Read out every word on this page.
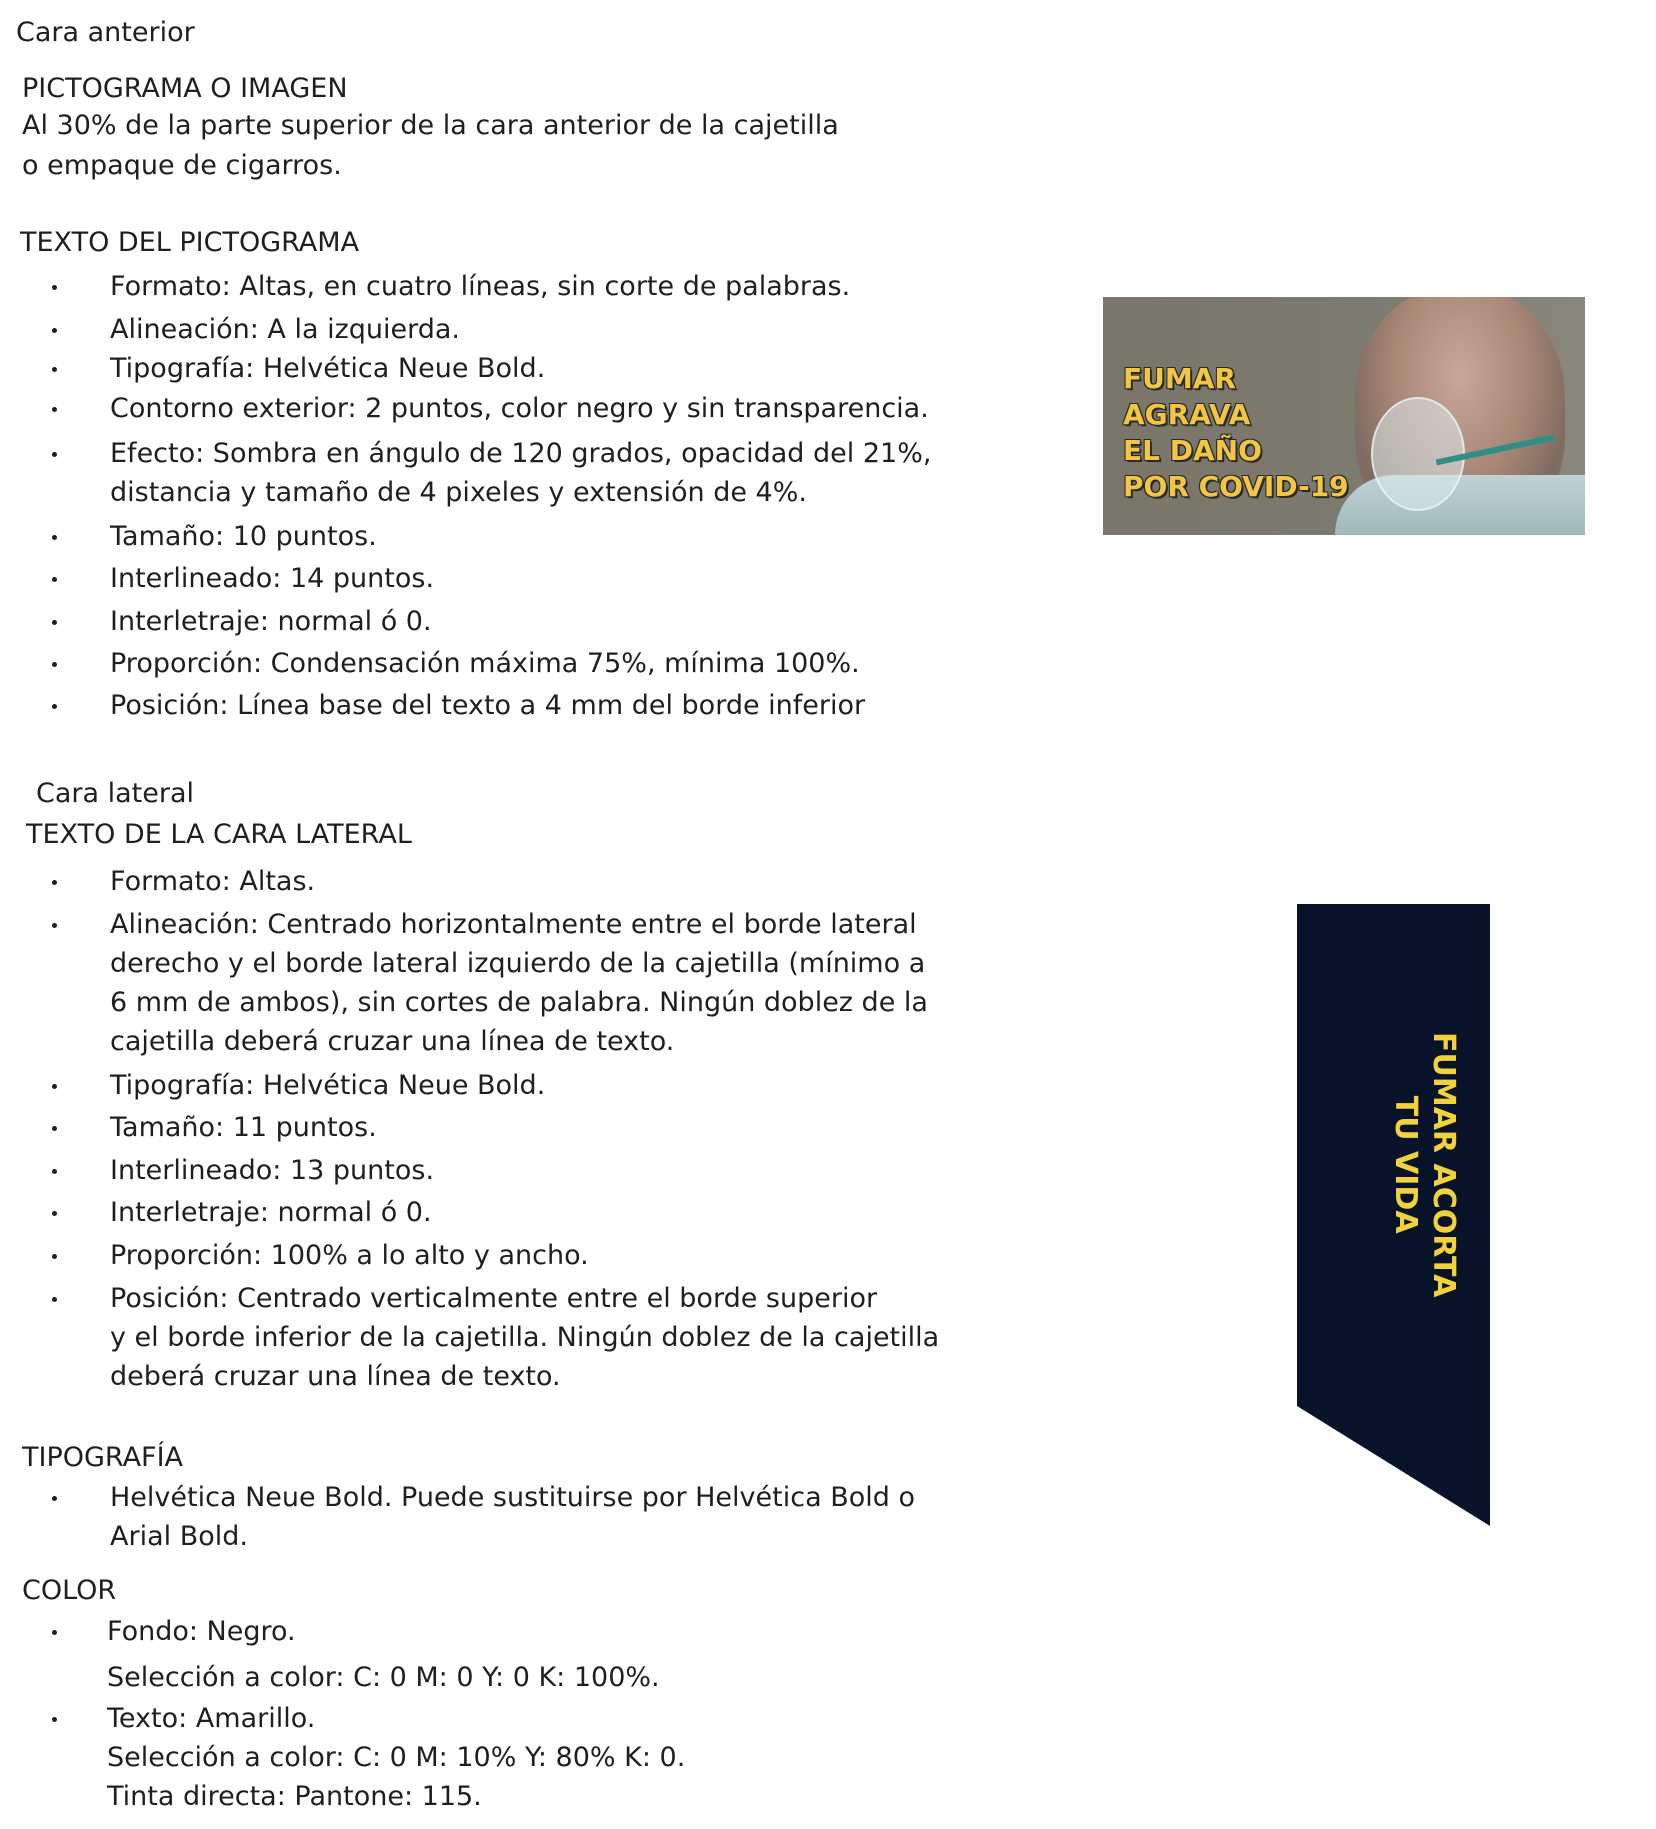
Cara anterior
PICTOGRAMA O IMAGEN
Al 30% de la parte superior de la cara anterior de la cajetilla
o empaque de cigarros.
TEXTO DEL PICTOGRAMA
Formato: Altas, en cuatro líneas, sin corte de palabras.
Alineación: A la izquierda.
Tipografía: Helvética Neue Bold.
Contorno exterior: 2 puntos, color negro y sin transparencia.
Efecto: Sombra en ángulo de 120 grados, opacidad del 21%,
distancia y tamaño de 4 pixeles y extensión de 4%.
Tamaño: 10 puntos.
Interlineado: 14 puntos.
Interletraje: normal ó 0.
Proporción: Condensación máxima 75%, mínima 100%.
Posición: Línea base del texto a 4 mm del borde inferior
FUMAR
AGRAVA
EL DAÑO
POR COVID-19
Cara lateral
TEXTO DE LA CARA LATERAL
Formato: Altas.
Alineación: Centrado horizontalmente entre el borde lateral
derecho y el borde lateral izquierdo de la cajetilla (mínimo a
6 mm de ambos), sin cortes de palabra. Ningún doblez de la
cajetilla deberá cruzar una línea de texto.
Tipografía: Helvética Neue Bold.
Tamaño: 11 puntos.
Interlineado: 13 puntos.
Interletraje: normal ó 0.
Proporción: 100% a lo alto y ancho.
Posición: Centrado verticalmente entre el borde superior
y el borde inferior de la cajetilla. Ningún doblez de la cajetilla
deberá cruzar una línea de texto.
FUMAR ACORTA
TU VIDA
TIPOGRAFÍA
Helvética Neue Bold. Puede sustituirse por Helvética Bold o
Arial Bold.
COLOR
Fondo: Negro.
Selección a color: C: 0 M: 0 Y: 0 K: 100%.
Texto: Amarillo.
Selección a color: C: 0 M: 10% Y: 80% K: 0.
Tinta directa: Pantone: 115.
